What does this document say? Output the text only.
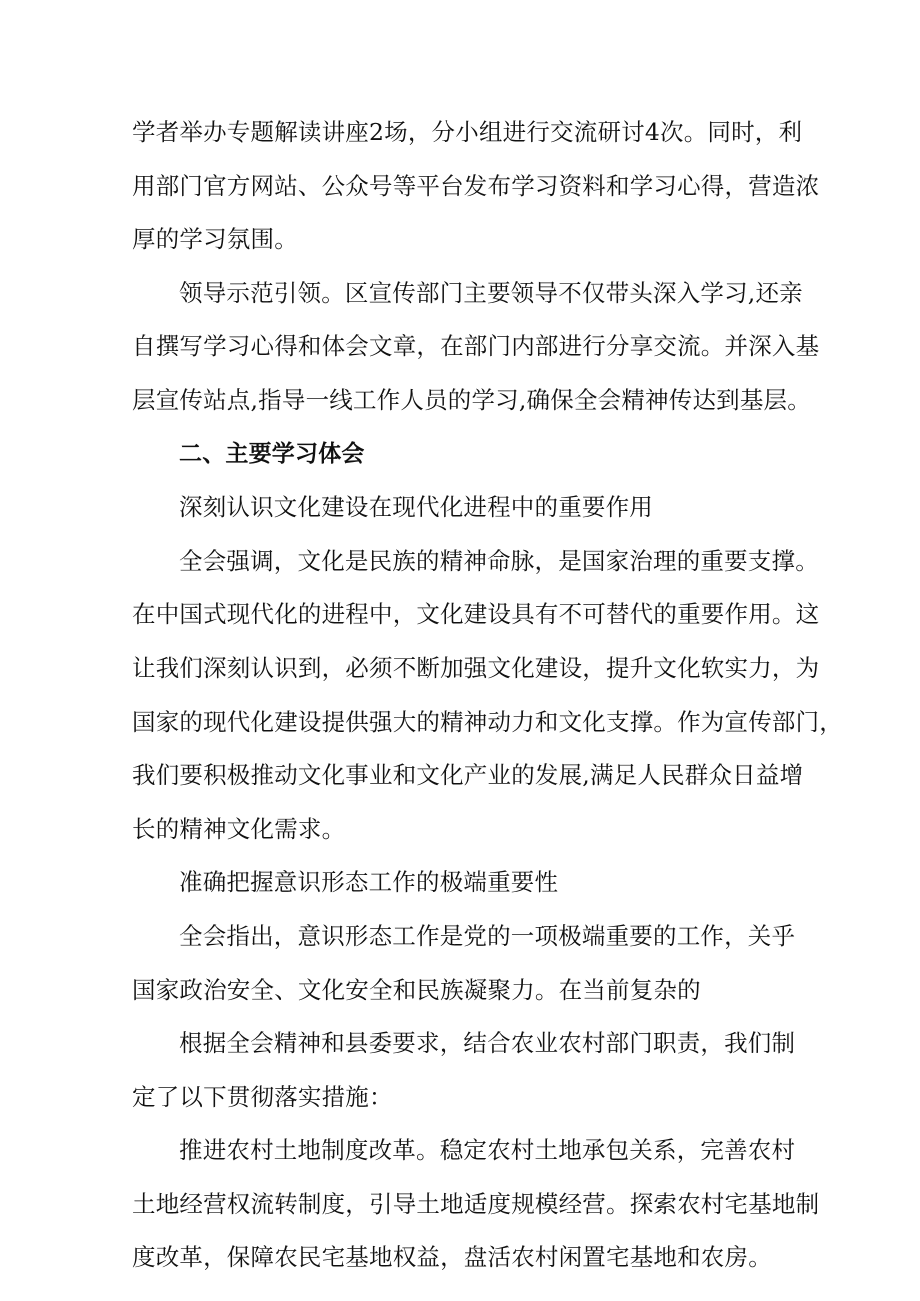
学者举办专题解读讲座2场，分小组进行交流研讨4次。同时，利
用部门官方网站、公众号等平台发布学习资料和学习心得，营造浓
厚的学习氛围。
领导示范引领。区宣传部门主要领导不仅带头深入学习,还亲
自撰写学习心得和体会文章，在部门内部进行分享交流。并深入基
层宣传站点,指导一线工作人员的学习,确保全会精神传达到基层。
二、主要学习体会
深刻认识文化建设在现代化进程中的重要作用
全会强调，文化是民族的精神命脉，是国家治理的重要支撑。
在中国式现代化的进程中，文化建设具有不可替代的重要作用。这
让我们深刻认识到，必须不断加强文化建设，提升文化软实力，为
国家的现代化建设提供强大的精神动力和文化支撑。作为宣传部门，
我们要积极推动文化事业和文化产业的发展,满足人民群众日益增
长的精神文化需求。
准确把握意识形态工作的极端重要性
全会指出，意识形态工作是党的一项极端重要的工作，关乎
国家政治安全、文化安全和民族凝聚力。在当前复杂的
根据全会精神和县委要求，结合农业农村部门职责，我们制
定了以下贯彻落实措施：
推进农村土地制度改革。稳定农村土地承包关系，完善农村
土地经营权流转制度，引导土地适度规模经营。探索农村宅基地制
度改革，保障农民宅基地权益，盘活农村闲置宅基地和农房。
